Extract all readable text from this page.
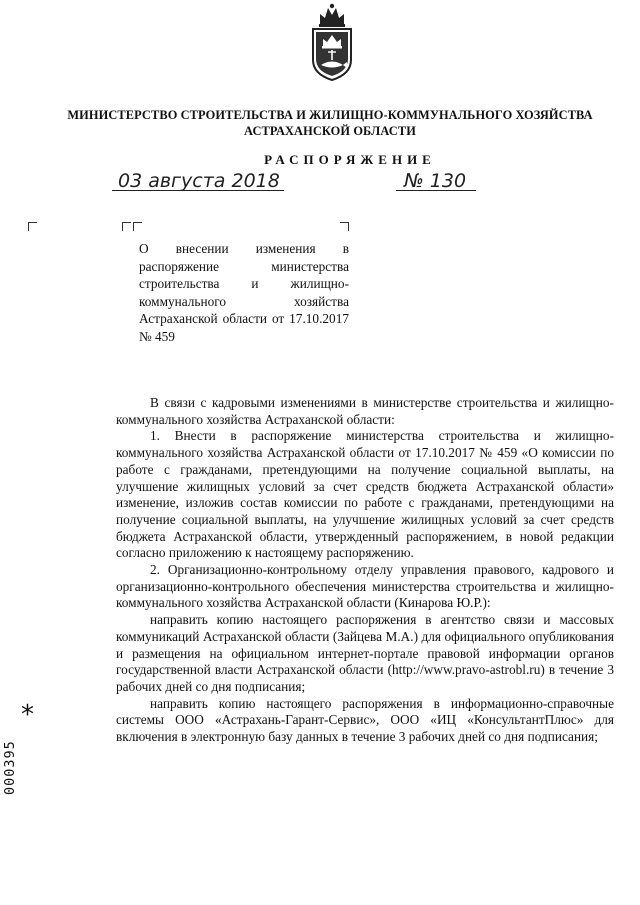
МИНИСТЕРСТВО СТРОИТЕЛЬСТВА И ЖИЛИЩНО-КОММУНАЛЬНОГО ХОЗЯЙСТВА
АСТРАХАНСКОЙ ОБЛАСТИ
РАСПОРЯЖЕНИЕ
03 августа 2018	№ 130
О внесении изменения в распоряжение министерства строительства и жилищно-коммунального хозяйства Астраханской области от 17.10.2017 № 459

В связи с кадровыми изменениями в министерстве строительства и жилищно-коммунального хозяйства Астраханской области:

1. Внести в распоряжение министерства строительства и жилищно-коммунального хозяйства Астраханской области от 17.10.2017 № 459 «О комиссии по работе с гражданами, претендующими на получение социальной выплаты, на улучшение жилищных условий за счет средств бюджета Астраханской области» изменение, изложив состав комиссии по работе с гражданами, претендующими на получение социальной выплаты, на улучшение жилищных условий за счет средств бюджета Астраханской области, утвержденный распоряжением, в новой редакции согласно приложению к настоящему распоряжению.

2. Организационно-контрольному отделу управления правового, кадрового и организационно-контрольного обеспечения министерства строительства и жилищно-коммунального хозяйства Астраханской области (Кинарова Ю.Р.):

направить копию настоящего распоряжения в агентство связи и массовых коммуникаций Астраханской области (Зайцева М.А.) для официального опубликования и размещения на официальном интернет-портале правовой информации органов государственной власти Астраханской области (http://www.pravo-astrobl.ru) в течение 3 рабочих дней со дня подписания;

направить копию настоящего распоряжения в информационно-справочные системы ООО «Астрахань-Гарант-Сервис», ООО «ИЦ «КонсультантПлюс» для включения в электронную базу данных в течение 3 рабочих дней со дня подписания;

*
000395
